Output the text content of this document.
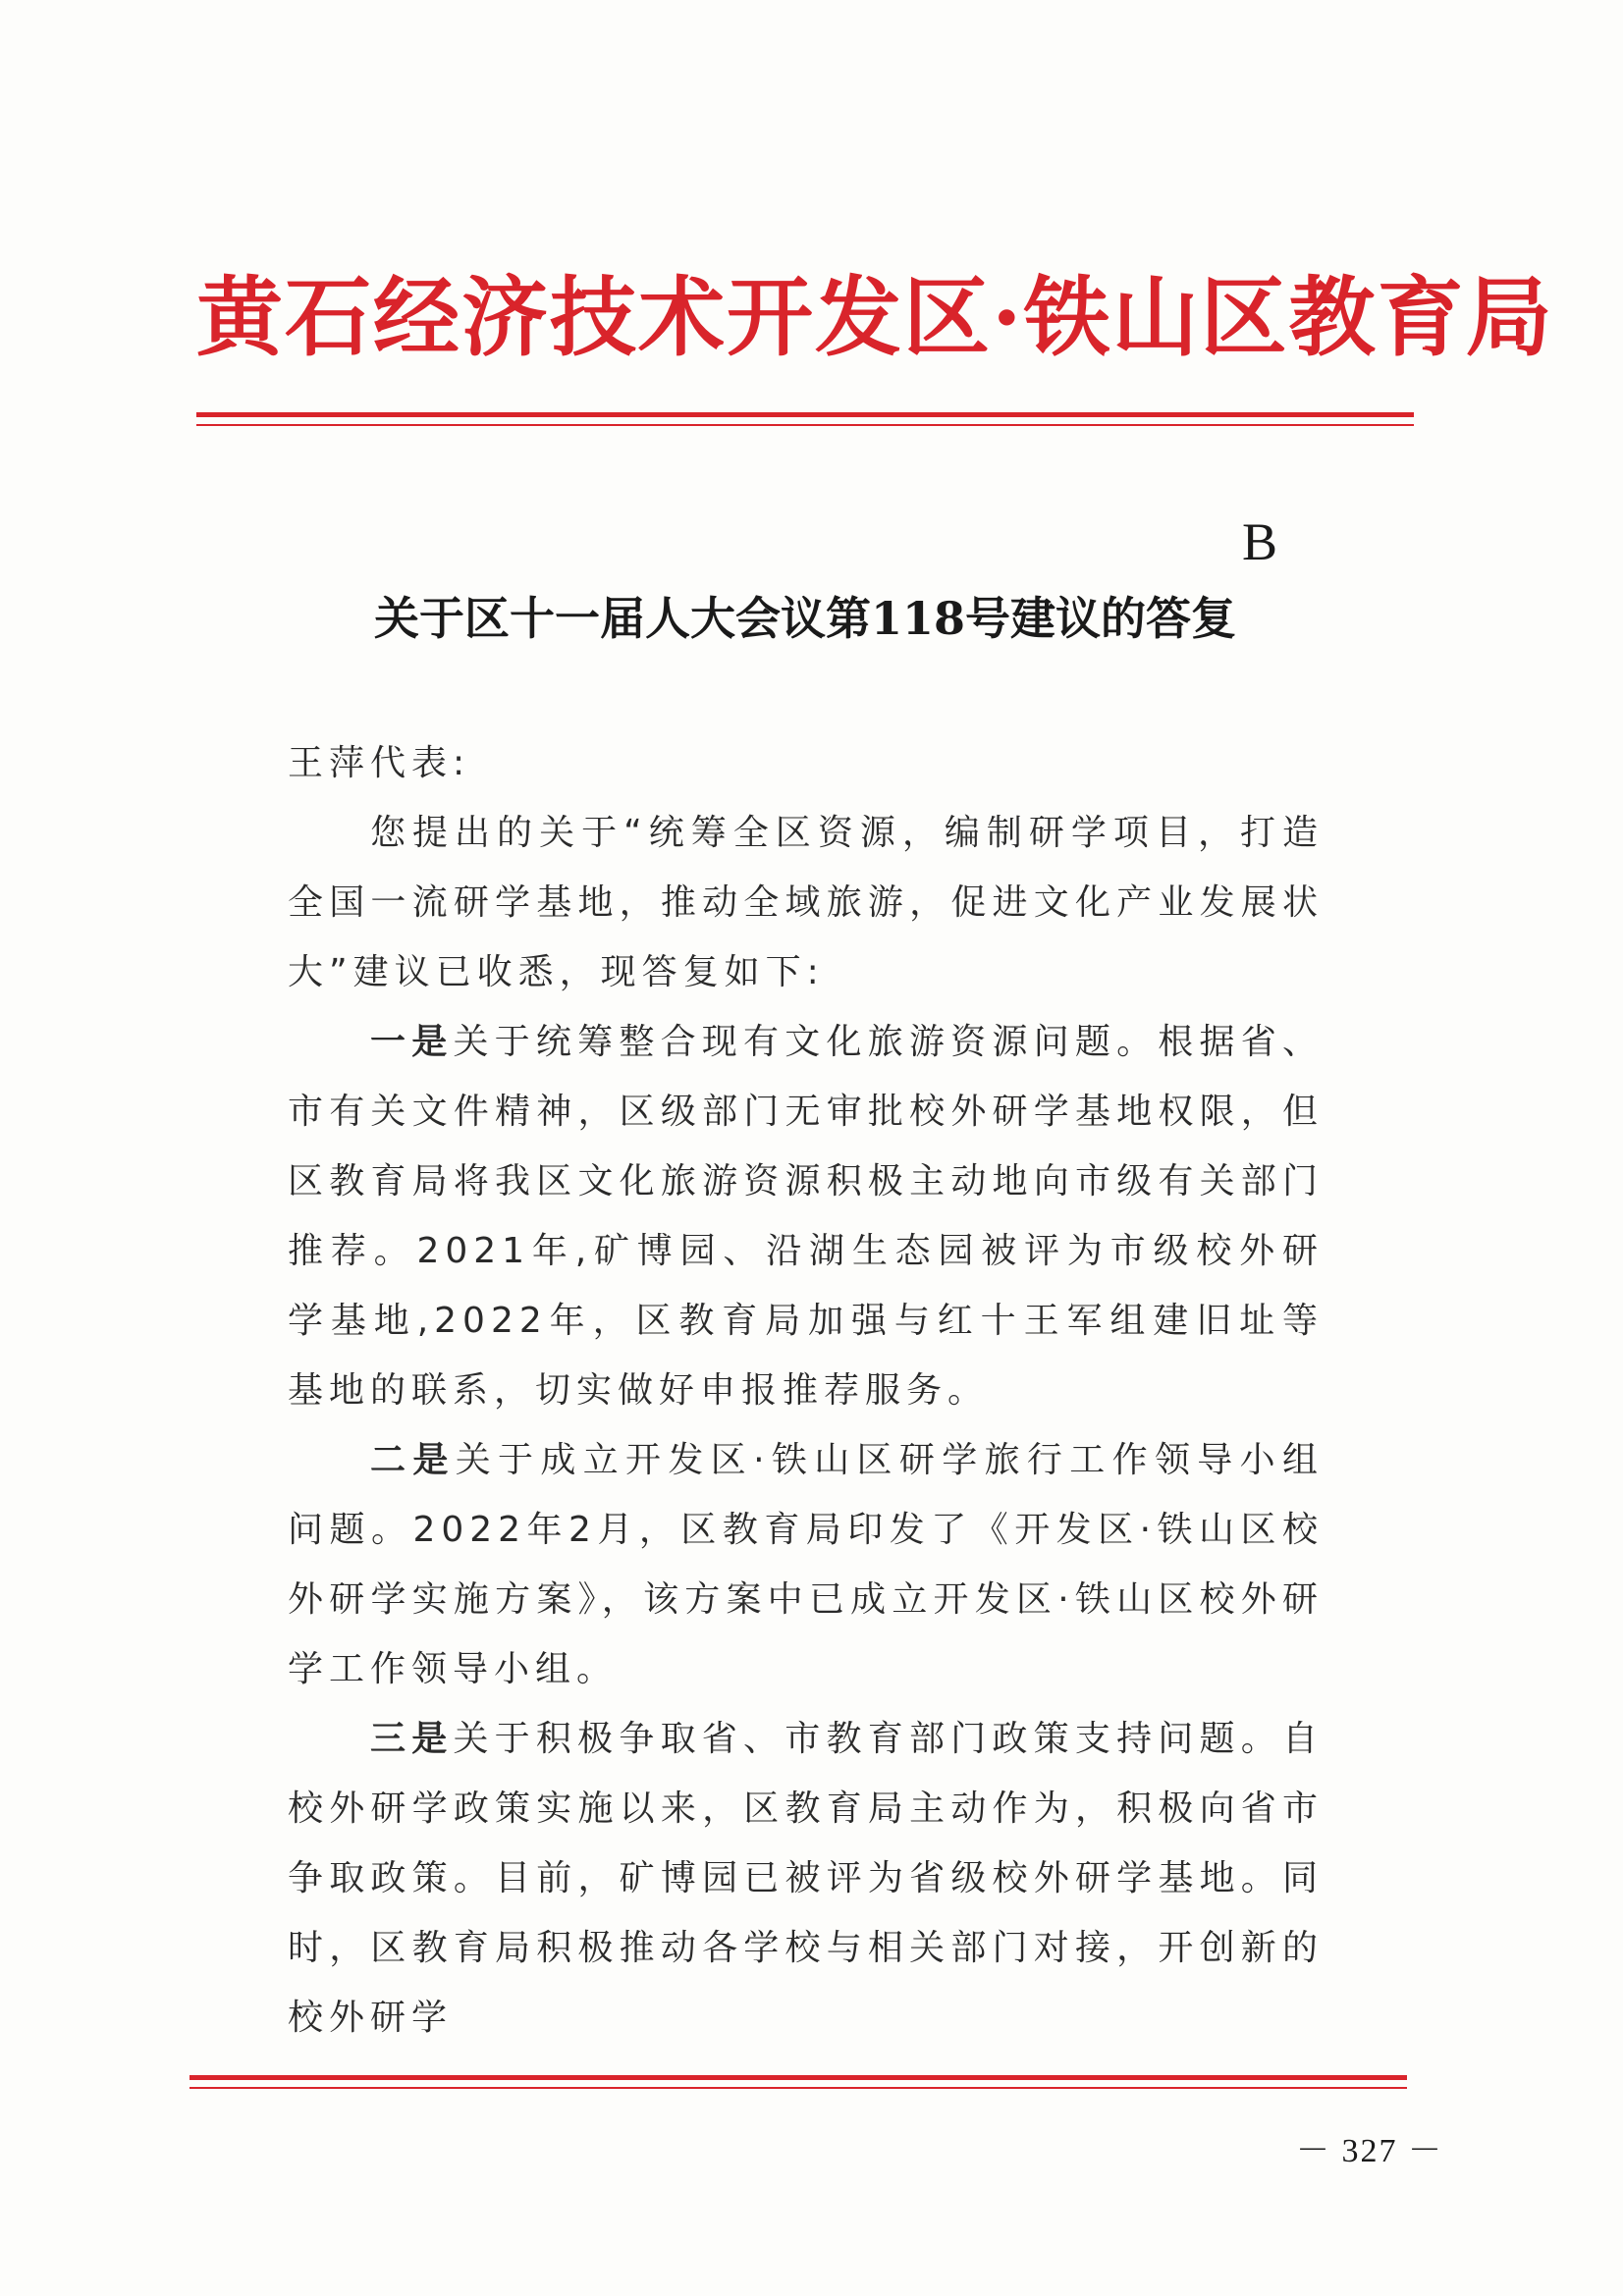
黄石经济技术开发区·铁山区教育局
B
关于区十一届人大会议第118号建议的答复

王萍代表:

您提出的关于“统筹全区资源，编制研学项目，打造全国一流研学基地，推动全域旅游，促进文化产业发展状大”建议已收悉，现答复如下:

一是关于统筹整合现有文化旅游资源问题。根据省、市有关文件精神，区级部门无审批校外研学基地权限，但区教育局将我区文化旅游资源积极主动地向市级有关部门推荐。2021年,矿博园、沿湖生态园被评为市级校外研学基地,2022年，区教育局加强与红十王军组建旧址等基地的联系，切实做好申报推荐服务。

二是关于成立开发区·铁山区研学旅行工作领导小组问题。2022年2月，区教育局印发了《开发区·铁山区校外研学实施方案》，该方案中已成立开发区·铁山区校外研学工作领导小组。

三是关于积极争取省、市教育部门政策支持问题。自校外研学政策实施以来，区教育局主动作为，积极向省市争取政策。目前，矿博园已被评为省级校外研学基地。同时，区教育局积极推动各学校与相关部门对接，开创新的校外研学

－ 327 －
